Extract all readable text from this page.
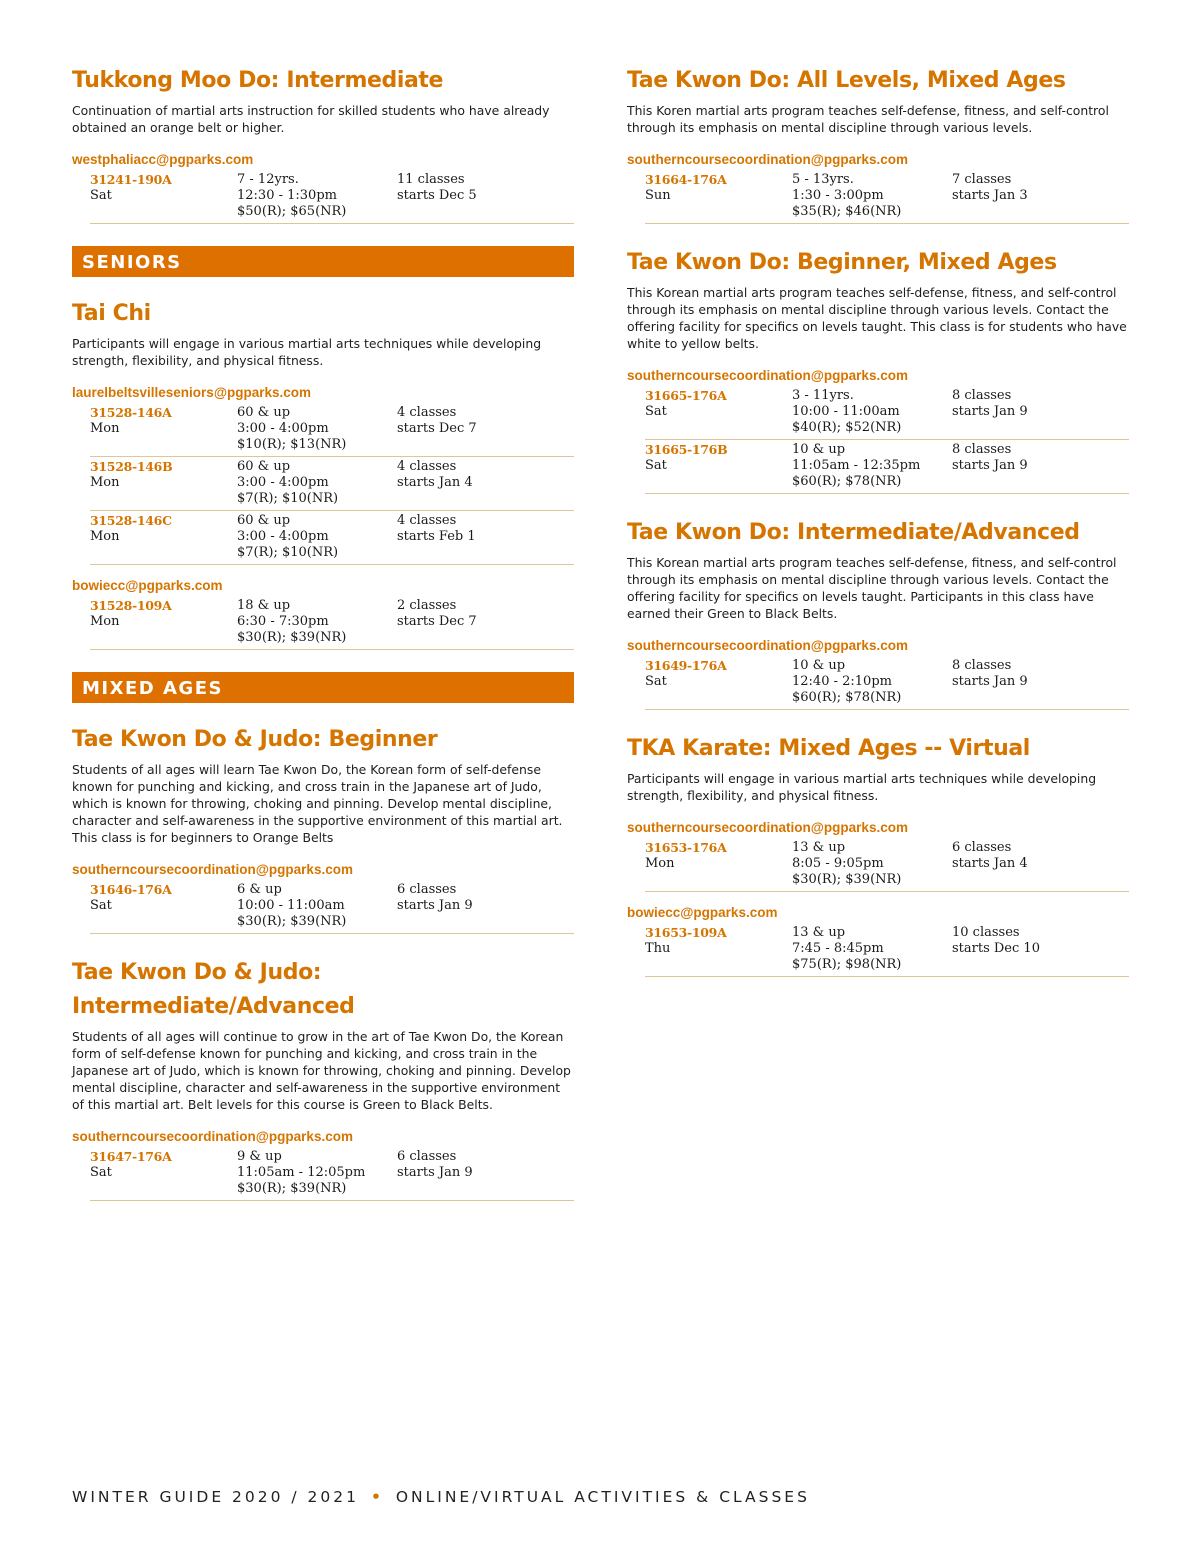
Tukkong Moo Do: Intermediate
Continuation of martial arts instruction for skilled students who have already obtained an orange belt or higher.
westphaliacc@pgparks.com
31241-190A
Sat
7 - 12yrs.
12:30 - 1:30pm
$50(R); $65(NR)
11 classes
starts Dec 5
SENIORS
Tai Chi
Participants will engage in various martial arts techniques while developing strength, flexibility, and physical fitness.
laurelbeltsvilleseniors@pgparks.com
31528-146A
Mon
60 & up
3:00 - 4:00pm
$10(R); $13(NR)
4 classes
starts Dec 7
31528-146B
Mon
60 & up
3:00 - 4:00pm
$7(R); $10(NR)
4 classes
starts Jan 4
31528-146C
Mon
60 & up
3:00 - 4:00pm
$7(R); $10(NR)
4 classes
starts Feb 1
bowiecc@pgparks.com
31528-109A
Mon
18 & up
6:30 - 7:30pm
$30(R); $39(NR)
2 classes
starts Dec 7
MIXED AGES
Tae Kwon Do & Judo: Beginner
Students of all ages will learn Tae Kwon Do, the Korean form of self-defense known for punching and kicking, and cross train in the Japanese art of Judo, which is known for throwing, choking and pinning. Develop mental discipline, character and self-awareness in the supportive environment of this martial art. This class is for beginners to Orange Belts
southerncoursecoordination@pgparks.com
31646-176A
Sat
6 & up
10:00 - 11:00am
$30(R); $39(NR)
6 classes
starts Jan 9
Tae Kwon Do & Judo: Intermediate/Advanced
Students of all ages will continue to grow in the art of Tae Kwon Do, the Korean form of self-defense known for punching and kicking, and cross train in the Japanese art of Judo, which is known for throwing, choking and pinning. Develop mental discipline, character and self-awareness in the supportive environment of this martial art. Belt levels for this course is Green to Black Belts.
southerncoursecoordination@pgparks.com
31647-176A
Sat
9 & up
11:05am - 12:05pm
$30(R); $39(NR)
6 classes
starts Jan 9
Tae Kwon Do: All Levels, Mixed Ages
This Koren martial arts program teaches self-defense, fitness, and self-control through its emphasis on mental discipline through various levels.
southerncoursecoordination@pgparks.com
31664-176A
Sun
5 - 13yrs.
1:30 - 3:00pm
$35(R); $46(NR)
7 classes
starts Jan 3
Tae Kwon Do: Beginner, Mixed Ages
This Korean martial arts program teaches self-defense, fitness, and self-control through its emphasis on mental discipline through various levels. Contact the offering facility for specifics on levels taught. This class is for students who have white to yellow belts.
southerncoursecoordination@pgparks.com
31665-176A
Sat
3 - 11yrs.
10:00 - 11:00am
$40(R); $52(NR)
8 classes
starts Jan 9
31665-176B
Sat
10 & up
11:05am - 12:35pm
$60(R); $78(NR)
8 classes
starts Jan 9
Tae Kwon Do: Intermediate/Advanced
This Korean martial arts program teaches self-defense, fitness, and self-control through its emphasis on mental discipline through various levels. Contact the offering facility for specifics on levels taught. Participants in this class have earned their Green to Black Belts.
southerncoursecoordination@pgparks.com
31649-176A
Sat
10 & up
12:40 - 2:10pm
$60(R); $78(NR)
8 classes
starts Jan 9
TKA Karate: Mixed Ages -- Virtual
Participants will engage in various martial arts techniques while developing strength, flexibility, and physical fitness.
southerncoursecoordination@pgparks.com
31653-176A
Mon
13 & up
8:05 - 9:05pm
$30(R); $39(NR)
6 classes
starts Jan 4
bowiecc@pgparks.com
31653-109A
Thu
13 & up
7:45 - 8:45pm
$75(R); $98(NR)
10 classes
starts Dec 10
WINTER GUIDE 2020 / 2021 • ONLINE/VIRTUAL ACTIVITIES & CLASSES
